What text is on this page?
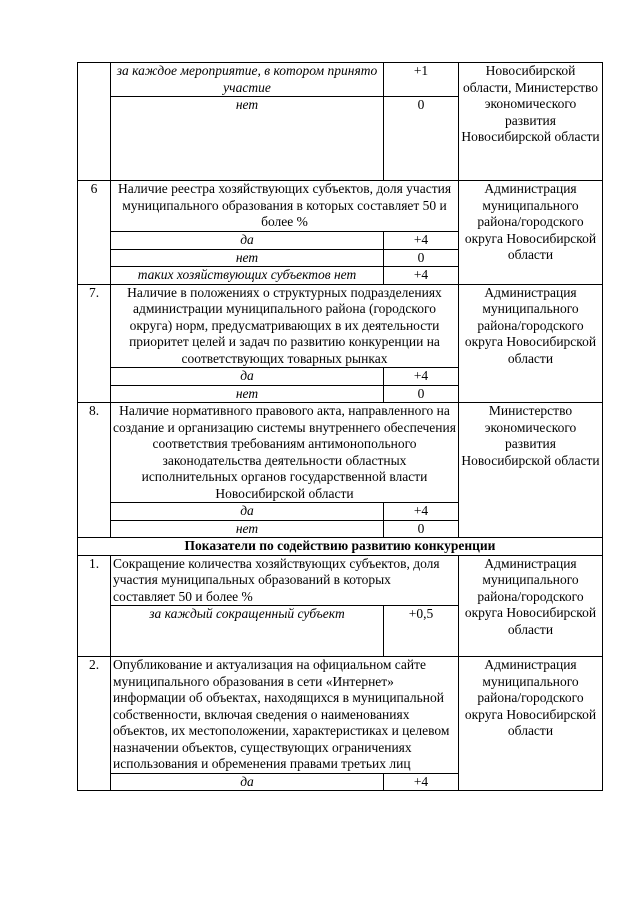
	за каждое мероприятие, в котором принято участие	+1	Новосибирской области, Министерство экономического развития Новосибирской области
	нет	0	
6	Наличие реестра хозяйствующих субъектов, доля участия муниципального образования в которых составляет 50 и более %		Администрация муниципального района/городского округа Новосибирской области
	да	+4	
	нет	0	
	таких хозяйствующих субъектов нет	+4	
7.	Наличие в положениях о структурных подразделениях администрации муниципального района (городского округа) норм, предусматривающих в их деятельности приоритет целей и задач по развитию конкуренции на соответствующих товарных рынках		Администрация муниципального района/городского округа Новосибирской области
	да	+4	
	нет	0	
8.	Наличие нормативного правового акта, направленного на создание и организацию системы внутреннего обеспечения соответствия требованиям антимонопольного законодательства деятельности областных исполнительных органов государственной власти Новосибирской области		Министерство экономического развития Новосибирской области
	да	+4	
	нет	0	
Показатели по содействию развитию конкуренции			
1.	Сокращение количества хозяйствующих субъектов, доля участия муниципальных образований в которых составляет 50 и более %		Администрация муниципального района/городского округа Новосибирской области
	за каждый сокращенный субъект	+0,5	
2.	Опубликование и актуализация на официальном сайте муниципального образования в сети «Интернет» информации об объектах, находящихся в муниципальной собственности, включая сведения о наименованиях объектов, их местоположении, характеристиках и целевом назначении объектов, существующих ограничениях использования и обременения правами третьих лиц		Администрация муниципального района/городского округа Новосибирской области
	да	+4	
